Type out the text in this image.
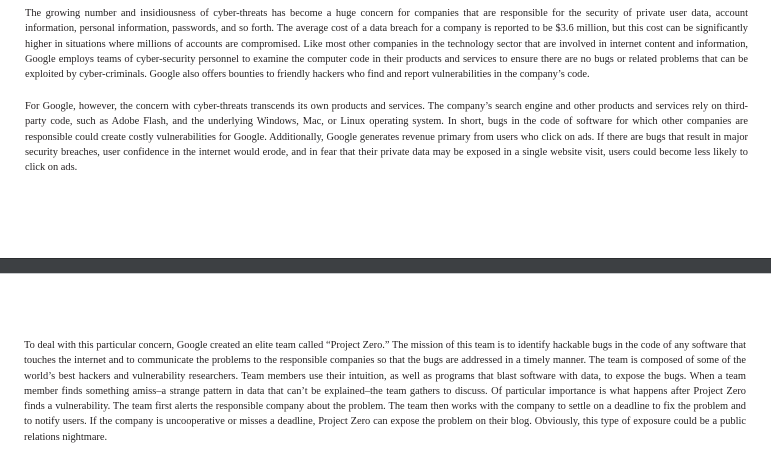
The growing number and insidiousness of cyber-threats has become a huge concern for companies that are responsible for the security of private user data, account information, personal information, passwords, and so forth. The average cost of a data breach for a company is reported to be $3.6 million, but this cost can be significantly higher in situations where millions of accounts are compromised. Like most other companies in the technology sector that are involved in internet content and information, Google employs teams of cyber-security personnel to examine the computer code in their products and services to ensure there are no bugs or related problems that can be exploited by cyber-criminals. Google also offers bounties to friendly hackers who find and report vulnerabilities in the company’s code.

For Google, however, the concern with cyber-threats transcends its own products and services. The company’s search engine and other products and services rely on third-party code, such as Adobe Flash, and the underlying Windows, Mac, or Linux operating system. In short, bugs in the code of software for which other companies are responsible could create costly vulnerabilities for Google. Additionally, Google generates revenue primary from users who click on ads. If there are bugs that result in major security breaches, user confidence in the internet would erode, and in fear that their private data may be exposed in a single website visit, users could become less likely to click on ads.

To deal with this particular concern, Google created an elite team called “Project Zero.” The mission of this team is to identify hackable bugs in the code of any software that touches the internet and to communicate the problems to the responsible companies so that the bugs are addressed in a timely manner. The team is composed of some of the world’s best hackers and vulnerability researchers. Team members use their intuition, as well as programs that blast software with data, to expose the bugs. When a team member finds something amiss–a strange pattern in data that can’t be explained–the team gathers to discuss. Of particular importance is what happens after Project Zero finds a vulnerability. The team first alerts the responsible company about the problem. The team then works with the company to settle on a deadline to fix the problem and to notify users. If the company is uncooperative or misses a deadline, Project Zero can expose the problem on their blog. Obviously, this type of exposure could be a public relations nightmare.
